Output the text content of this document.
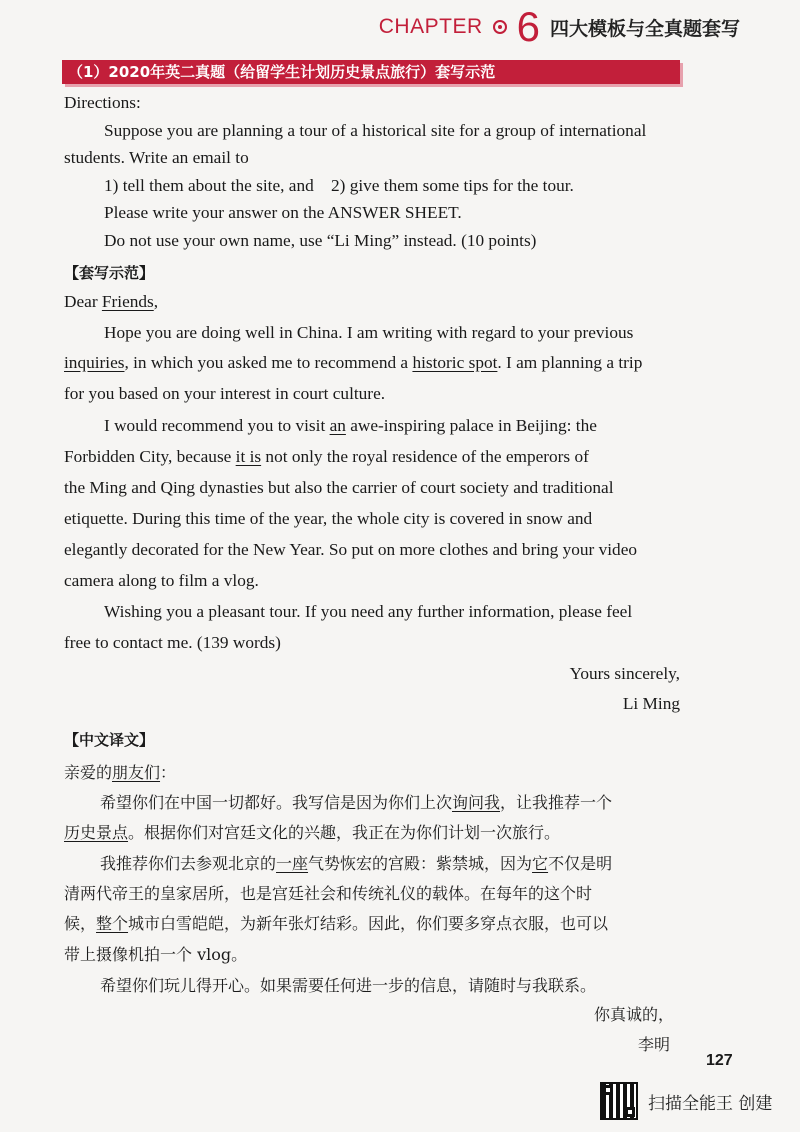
CHAPTER 6 四大模板与全真题套写
（1）2020年英二真题（给留学生计划历史景点旅行）套写示范
Directions:
Suppose you are planning a tour of a historical site for a group of international
students. Write an email to
1) tell them about the site, and    2) give them some tips for the tour.
Please write your answer on the ANSWER SHEET.
Do not use your own name, use “Li Ming” instead. (10 points)
【套写示范】
Dear Friends,
Hope you are doing well in China. I am writing with regard to your previous
inquiries, in which you asked me to recommend a historic spot. I am planning a trip
for you based on your interest in court culture.
I would recommend you to visit an awe-inspiring palace in Beijing: the
Forbidden City, because it is not only the royal residence of the emperors of
the Ming and Qing dynasties but also the carrier of court society and traditional
etiquette. During this time of the year, the whole city is covered in snow and
elegantly decorated for the New Year. So put on more clothes and bring your video
camera along to film a vlog.
Wishing you a pleasant tour. If you need any further information, please feel
free to contact me. (139 words)
Yours sincerely,
Li Ming
【中文译文】
亲爱的朋友们：
希望你们在中国一切都好。我写信是因为你们上次询问我，让我推荐一个
历史景点。根据你们对宫廷文化的兴趣，我正在为你们计划一次旅行。
我推荐你们去参观北京的一座气势恢宏的宫殿：紫禁城，因为它不仅是明
清两代帝王的皇家居所，也是宫廷社会和传统礼仪的载体。在每年的这个时
候，整个城市白雪皑皑，为新年张灯结彩。因此，你们要多穿点衣服，也可以
带上摄像机拍一个 vlog。
希望你们玩儿得开心。如果需要任何进一步的信息，请随时与我联系。
你真诚的，
李明
127
扫描全能王 创建
